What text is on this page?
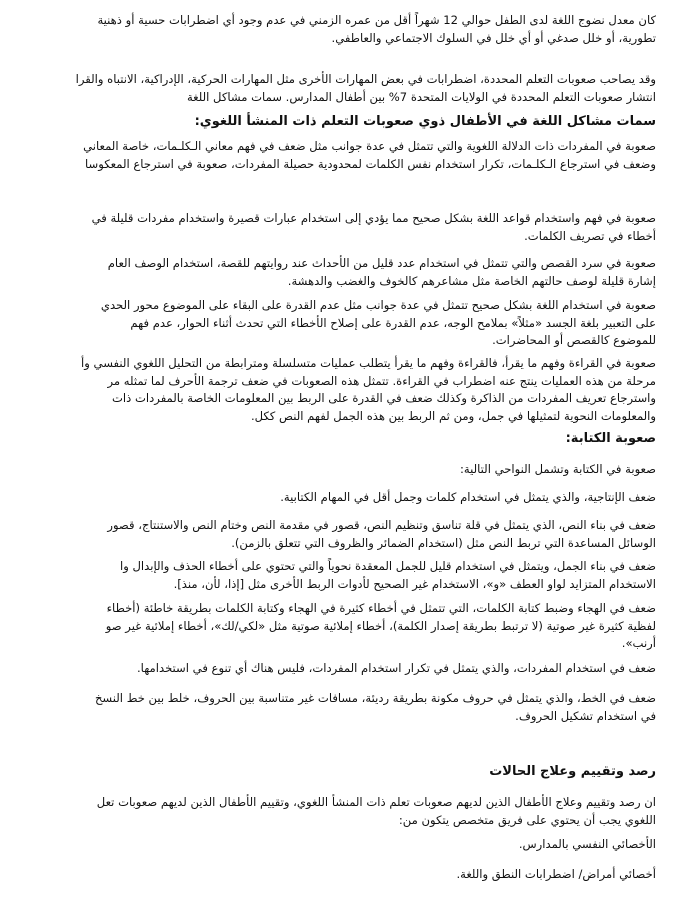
كان معدل نضوج اللغة لدى الطفل حوالي 12 شهراً أقل من عمره الزمني في عدم وجود أي اضطرابات حسية أو ذهنية
تطورية، أو خلل صدغي أو أي خلل في السلوك الاجتماعي والعاطفي.
وقد يصاحب صعوبات التعلم المحددة، اضطرابات في بعض المهارات الأخرى مثل المهارات الحركية، الإدراكية، الانتباه والقرا
انتشار صعوبات التعلم المحددة في الولايات المتحدة 7% بين أطفال المدارس. سمات مشاكل اللغة
سمات مشاكل اللغة في الأطفال ذوي صعوبات التعلم ذات المنشأ اللغوي:
صعوبة في المفردات ذات الدلالة اللغوية والتي تتمثل في عدة جوانب مثل ضعف في فهم معاني الـكلـمات، خاصة المعاني
وضعف في استرجاع الـكلـمات، تكرار استخدام نفس الكلمات لمحدودية حصيلة المفردات، صعوبة في استرجاع المعكوسا
صعوبة في فهم واستخدام قواعد اللغة بشكل صحيح مما يؤدي إلى استخدام عبارات قصيرة واستخدام مفردات قليلة في
أخطاء في تصريف الكلمات.
صعوبة في سرد القصص والتي تتمثل في استخدام عدد قليل من الأحداث عند روايتهم للقصة، استخدام الوصف العام
إشارة قليلة لوصف حالتهم الخاصة مثل مشاعرهم كالخوف والغضب والدهشة.
صعوبة في استخدام اللغة بشكل صحيح تتمثل في عدة جوانب مثل عدم القدرة على البقاء على الموضوع محور الحدي
على التعبير بلغة الجسد «مثلاً» بملامح الوجه، عدم القدرة على إصلاح الأخطاء التي تحدث أثناء الحوار، عدم فهم
للموضوع كالقصص أو المحاضرات.
صعوبة في القراءة وفهم ما يقرأ، فالقراءة وفهم ما يقرأ يتطلب عمليات متسلسلة ومترابطة من التحليل اللغوي النفسي وأ
مرحلة من هذه العمليات ينتج عنه اضطراب في القراءة. تتمثل هذه الصعوبات في ضعف ترجمة الأحرف لما تمثله مر
واسترجاع تعريف المفردات من الذاكرة وكذلك ضعف في القدرة على الربط بين المعلومات الخاصة بالمفردات ذات
والمعلومات النحوية لتمثيلها في جمل، ومن ثم الربط بين هذه الجمل لفهم النص ككل.
صعوبة الكتابة:
صعوبة في الكتابة وتشمل النواحي التالية:
ضعف الإنتاجية، والذي يتمثل في استخدام كلمات وجمل أقل في المهام الكتابية.
ضعف في بناء النص، الذي يتمثل في قلة تناسق وتنظيم النص، قصور في مقدمة النص وختام النص والاستنتاج، قصور
الوسائل المساعدة التي تربط النص مثل (استخدام الضمائر والظروف التي تتعلق بالزمن).
ضعف في بناء الجمل، ويتمثل في استخدام قليل للجمل المعقدة نحوياً والتي تحتوي على أخطاء الحذف والإبدال وا
الاستخدام المتزايد لواو العطف «و»، الاستخدام غير الصحيح لأدوات الربط الأخرى مثل [إذا، لأن، منذ].
ضعف في الهجاء وضبط كتابة الكلمات، التي تتمثل في أخطاء كثيرة في الهجاء وكتابة الكلمات بطريقة خاطئة (أخطاء
لفظية كثيرة غير صوتية (لا ترتبط بطريقة إصدار الكلمة)، أخطاء إملائية صوتية مثل «لكي/لك»، أخطاء إملائية غير صو
أرنب».
ضعف في استخدام المفردات، والذي يتمثل في تكرار استخدام المفردات، فليس هناك أي تنوع في استخدامها.
ضعف في الخط، والذي يتمثل في حروف مكونة بطريقة رديئة، مسافات غير متناسبة بين الحروف، خلط بين خط النسخ
في استخدام تشكيل الحروف.
رصد وتقييم وعلاج الحالات
ان رصد وتقييم وعلاج الأطفال الذين لديهم صعوبات تعلم ذات المنشأ اللغوي، وتقييم الأطفال الذين لديهم صعوبات تعل
اللغوي يجب أن يحتوي على فريق متخصص يتكون من:
الأخصائي النفسي بالمدارس.
أخصائي أمراض/ اضطرابات النطق واللغة.
